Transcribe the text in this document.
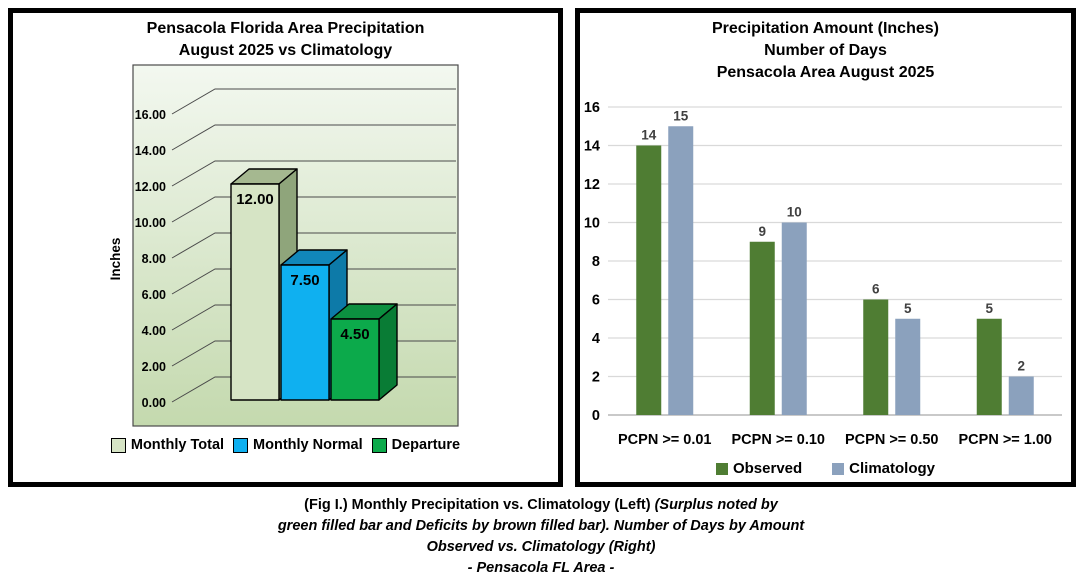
Pensacola Florida Area Precipitation
August 2025 vs Climatology
0.00
2.00
4.00
6.00
8.00
10.00
12.00
14.00
16.00
Inches
12.00
7.50
4.50
Monthly Total Monthly Normal Departure
Precipitation Amount (Inches)
Number of Days
Pensacola Area August 2025
0
2
4
6
8
10
12
14
16
14
15
PCPN >= 0.01
9
10
PCPN >= 0.10
6
5
PCPN >= 0.50
5
2
PCPN >= 1.00
Observed	Climatology
(Fig I.) Monthly Precipitation vs. Climatology (Left) (Surplus noted by
green filled bar and Deficits by brown filled bar). Number of Days by Amount
Observed vs. Climatology (Right)
- Pensacola FL Area -
